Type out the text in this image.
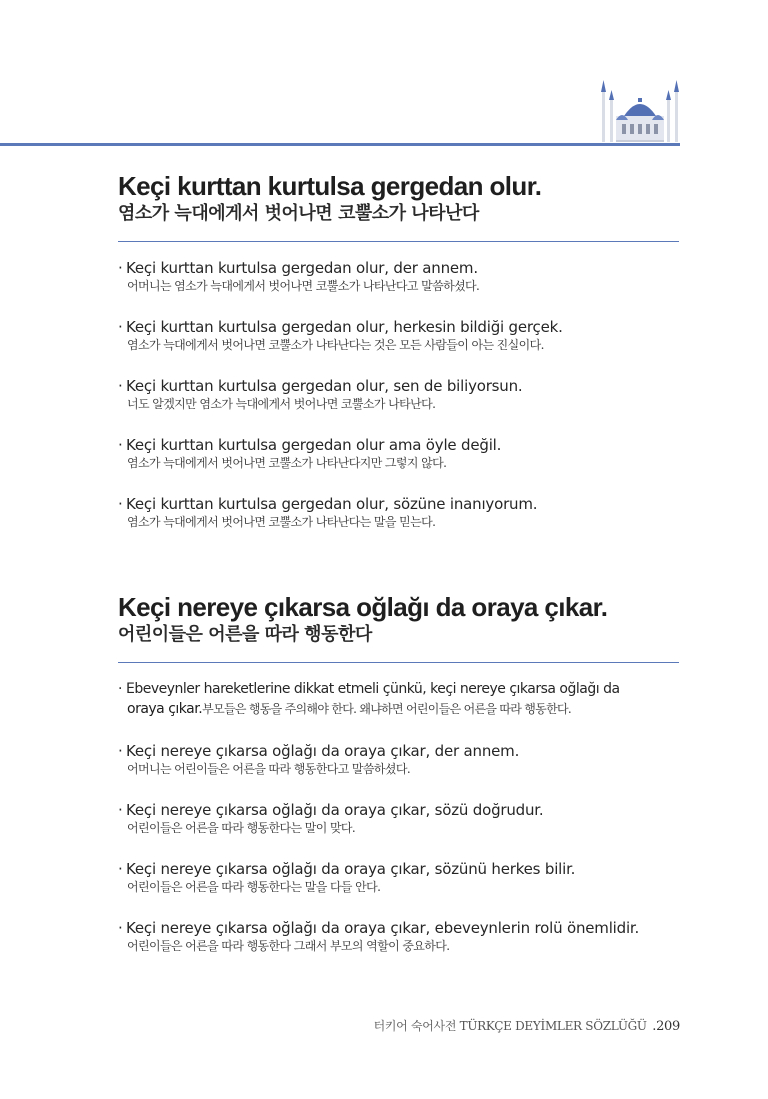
Keçi kurttan kurtulsa gergedan olur.
염소가 늑대에게서 벗어나면 코뿔소가 나타난다
· Keçi kurttan kurtulsa gergedan olur, der annem.
어머니는 염소가 늑대에게서 벗어나면 코뿔소가 나타난다고 말씀하셨다.
· Keçi kurttan kurtulsa gergedan olur, herkesin bildiği gerçek.
염소가 늑대에게서 벗어나면 코뿔소가 나타난다는 것은 모든 사람들이 아는 진실이다.
· Keçi kurttan kurtulsa gergedan olur, sen de biliyorsun.
너도 알겠지만 염소가 늑대에게서 벗어나면 코뿔소가 나타난다.
· Keçi kurttan kurtulsa gergedan olur ama öyle değil.
염소가 늑대에게서 벗어나면 코뿔소가 나타난다지만 그렇지 않다.
· Keçi kurttan kurtulsa gergedan olur, sözüne inanıyorum.
염소가 늑대에게서 벗어나면 코뿔소가 나타난다는 말을 믿는다.
Keçi nereye çıkarsa oğlağı da oraya çıkar.
어린이들은 어른을 따라 행동한다
· Ebeveynler hareketlerine dikkat etmeli çünkü, keçi nereye çıkarsa oğlağı da
oraya çıkar.부모들은 행동을 주의해야 한다. 왜냐하면 어린이들은 어른을 따라 행동한다.
· Keçi nereye çıkarsa oğlağı da oraya çıkar, der annem.
어머니는 어린이들은 어른을 따라 행동한다고 말씀하셨다.
· Keçi nereye çıkarsa oğlağı da oraya çıkar, sözü doğrudur.
어린이들은 어른을 따라 행동한다는 말이 맞다.
· Keçi nereye çıkarsa oğlağı da oraya çıkar, sözünü herkes bilir.
어린이들은 어른을 따라 행동한다는 말을 다들 안다.
· Keçi nereye çıkarsa oğlağı da oraya çıkar, ebeveynlerin rolü önemlidir.
어린이들은 어른을 따라 행동한다 그래서 부모의 역할이 중요하다.
터키어 숙어사전 TÜRKÇE DEYİMLER SÖZLÜĞÜ .209
